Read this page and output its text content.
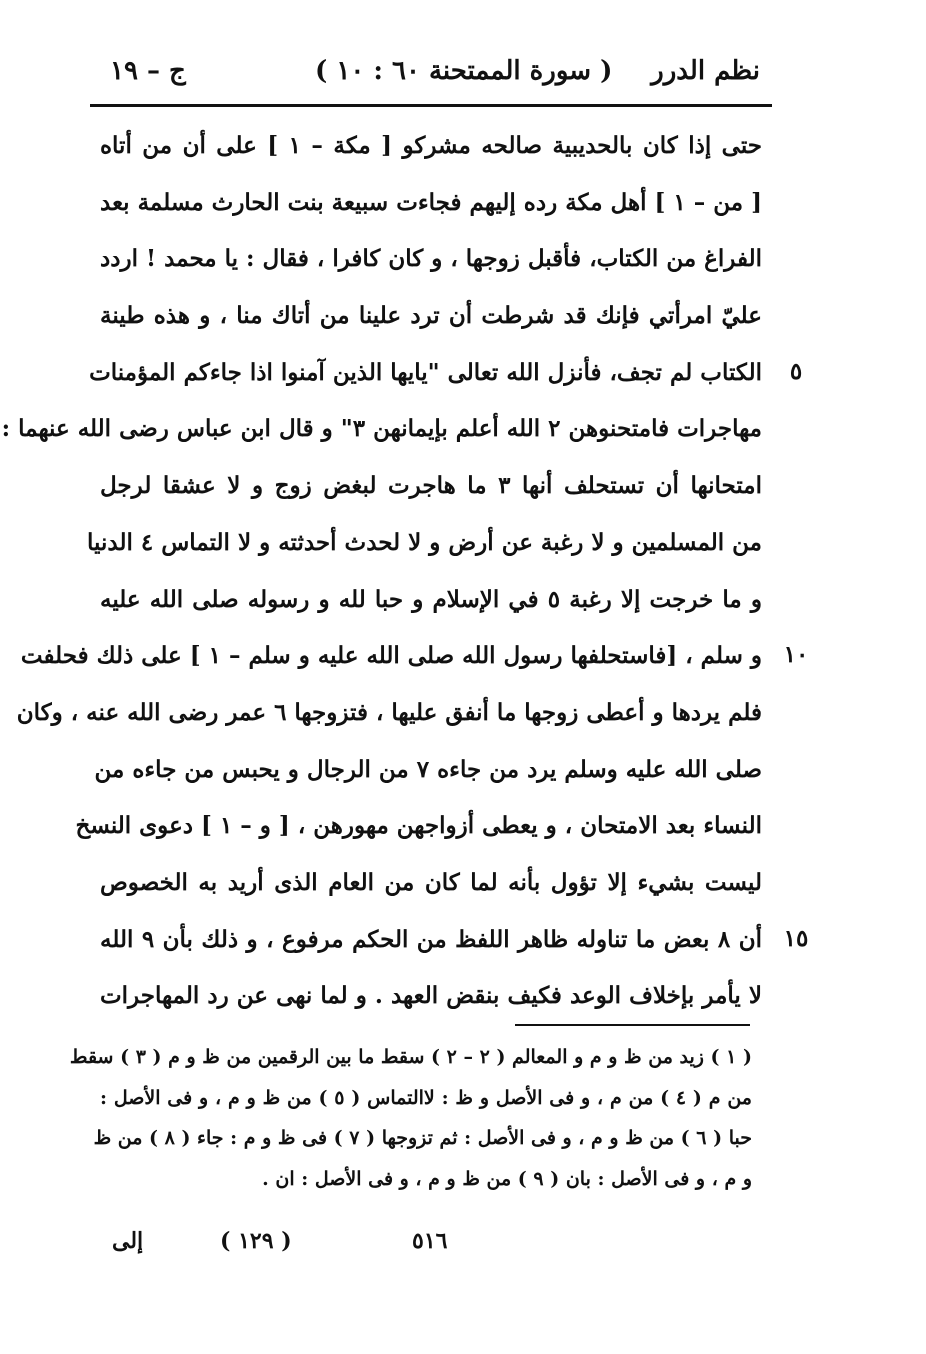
نظم الدرر
( سورة الممتحنة ٦٠ : ١٠ )
ج – ١٩
حتى إذا كان بالحديبية صالحه مشركو [ مكة – ١ ] على أن من أتاه
[ من – ١ ] أهل مكة رده إليهم فجاءت سبيعة بنت الحارث مسلمة بعد
الفراغ من الكتاب، فأقبل زوجها ، و كان كافرا ، فقال : يا محمد ! اردد
عليّ امرأتي فإنك قد شرطت أن ترد علينا من أتاك منا ، و هذه طينة
الكتاب لم تجف، فأنزل الله تعالى "يايها الذين آمنوا اذا جاءكم المؤمنات
مهاجرات فامتحنوهن ٢ الله أعلم بإيمانهن ٣" و قال ابن عباس رضى الله عنهما :
امتحانها أن تستحلف أنها ٣ ما هاجرت لبغض زوج و لا عشقا لرجل
من المسلمين و لا رغبة عن أرض و لا لحدث أحدثته و لا التماس ٤ الدنيا
و ما خرجت إلا رغبة ٥ في الإسلام و حبا لله و رسوله صلى الله عليه
و سلم ، [فاستحلفها رسول الله صلى الله عليه و سلم – ١ ] على ذلك فحلفت
فلم يردها و أعطى زوجها ما أنفق عليها ، فتزوجها ٦ عمر رضى الله عنه ، وكان
صلى الله عليه وسلم يرد من جاءه ٧ من الرجال و يحبس من جاءه من
النساء بعد الامتحان ، و يعطى أزواجهن مهورهن ، [ و – ١ ] دعوى النسخ
ليست بشيء إلا تؤول بأنه لما كان من العام الذى أريد به الخصوص
أن ٨ بعض ما تناوله ظاهر اللفظ من الحكم مرفوع ، و ذلك بأن ٩ الله
لا يأمر بإخلاف الوعد فكيف بنقض العهد . و لما نهى عن رد المهاجرات
٥
١٠
١٥
( ١ ) زيد من ظ و م و المعالم ( ٢ – ٢ ) سقط ما بين الرقمين من ظ و م ( ٣ ) سقط
من م ( ٤ ) من م ، و فى الأصل و ظ : لاالتماس ( ٥ ) من ظ و م ، و فى الأصل :
حبا ( ٦ ) من ظ و م ، و فى الأصل : ثم تزوجها ( ٧ ) فى ظ و م : جاء ( ٨ ) من ظ
و م ، و فى الأصل : بان ( ٩ ) من ظ و م ، و فى الأصل : ان .
٥١٦
( ١٢٩ )
إلى
